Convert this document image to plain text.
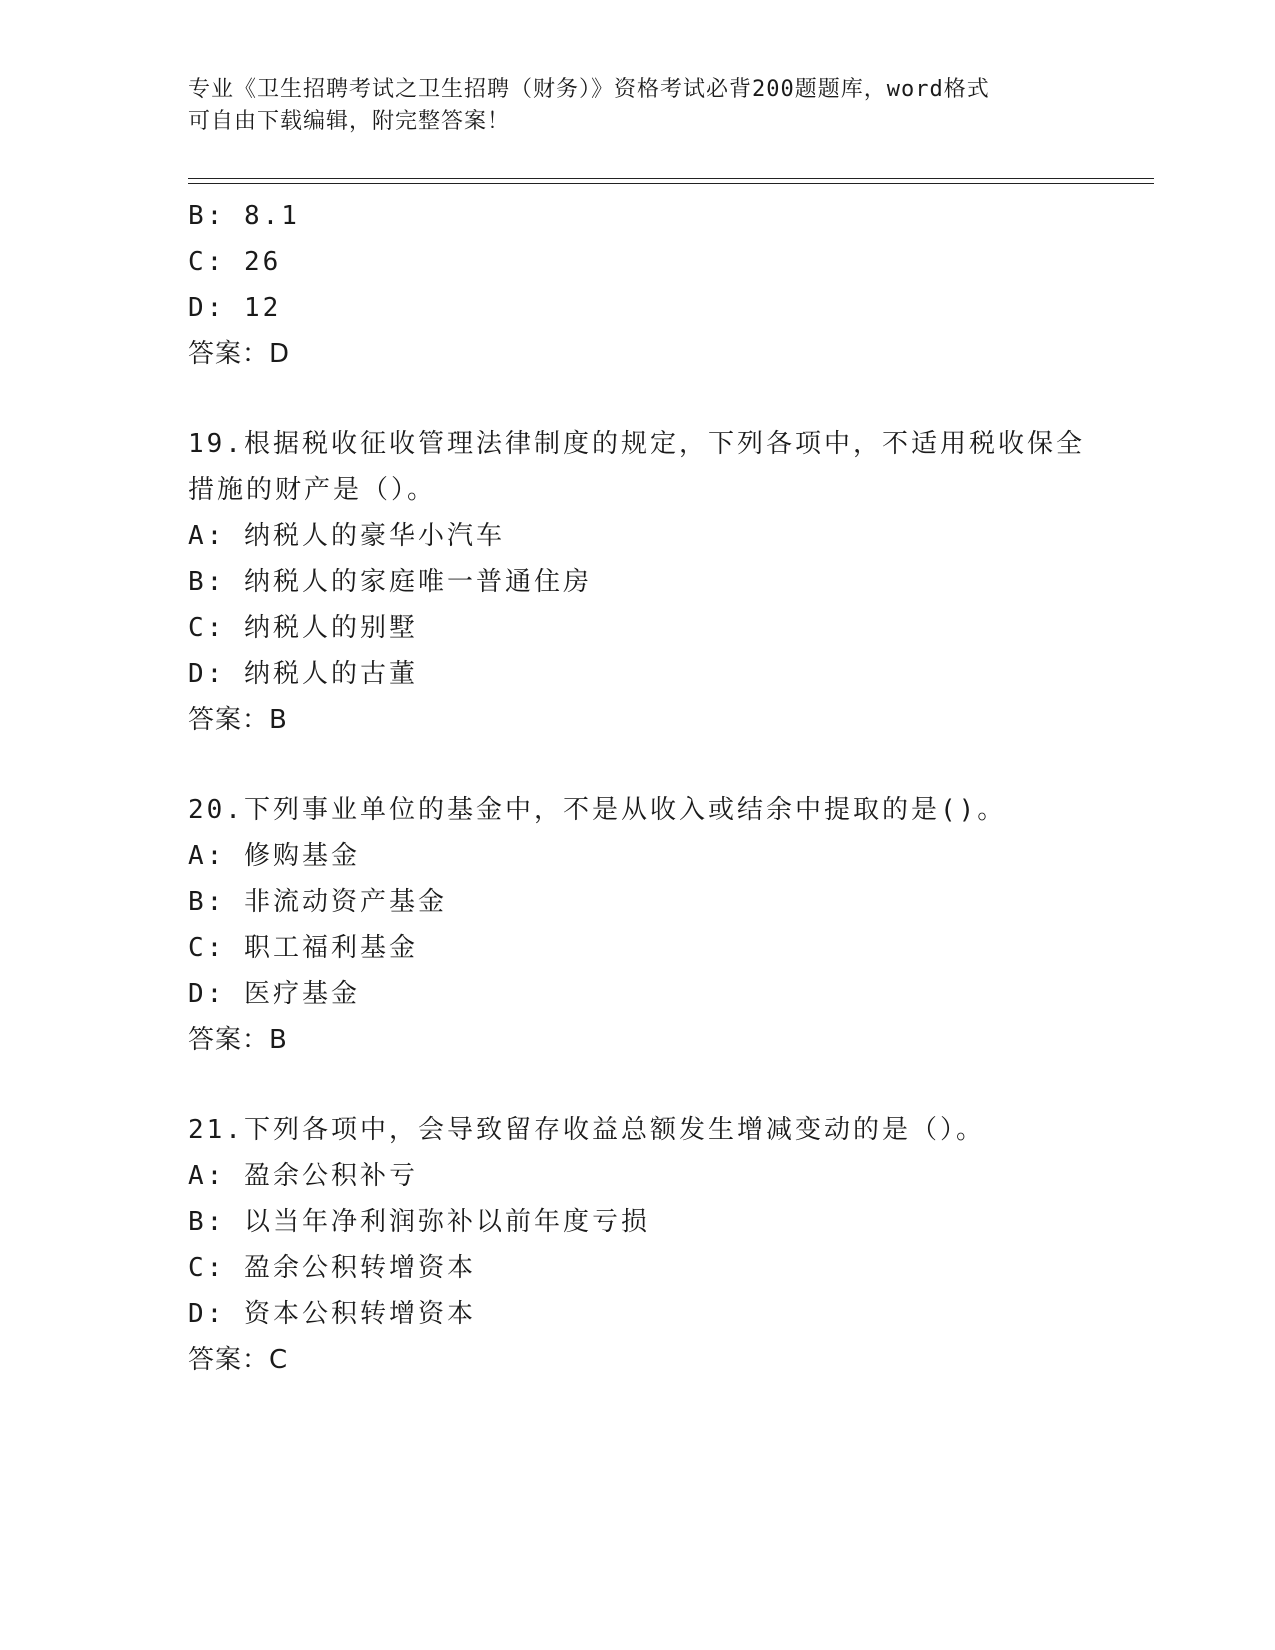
专业《卫生招聘考试之卫生招聘（财务）》资格考试必背200题题库，word格式
可自由下载编辑，附完整答案！
B: 8.1
C: 26
D: 12
答案：D
19.根据税收征收管理法律制度的规定，下列各项中，不适用税收保全
措施的财产是（）。
A: 纳税人的豪华小汽车
B: 纳税人的家庭唯一普通住房
C: 纳税人的别墅
D: 纳税人的古董
答案：B
20.下列事业单位的基金中，不是从收入或结余中提取的是()。
A: 修购基金
B: 非流动资产基金
C: 职工福利基金
D: 医疗基金
答案：B
21.下列各项中，会导致留存收益总额发生增减变动的是（）。
A: 盈余公积补亏
B: 以当年净利润弥补以前年度亏损
C: 盈余公积转增资本
D: 资本公积转增资本
答案：C
